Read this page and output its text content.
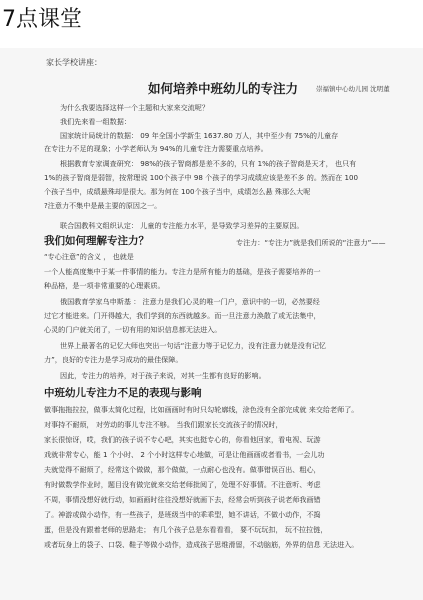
7点课堂
家长学校讲座：
如何培养中班幼儿的专注力	崇福镇中心幼儿园 沈明董
为什么我要选择这样一个主题和大家来交流呢？
我们先来看一组数据：
国家统计局统计的数据： 09 年全国小学新生 1637.80 万人，其中至少有 75%的儿童存
在专注力不足的现象；小学老师认为 94%的儿童专注力需要重点培养。
根据教育专家调查研究： 98%的孩子智商都是差不多的，只有 1%的孩子智商是天才， 也只有
1%的孩子智商是弱智，按常理说 100个孩子中 98 个孩子的学习成绩应该是差不多 的。然而在 100
个孩子当中，成绩悬殊却是很大。那为何在 100个孩子当中，成绩怎么悬 殊那么大呢
?注意力不集中是最主要的原因之一。
联合国教科文组织认定： 儿童的专注能力水平，是导致学习差异的主要原因。
我们如何理解专注力？	专注力：“专注力”就是我们所说的“注意力”——
“专心注意”的含义 ， 也就是
一个人能高度集中于某一件事情的能力。专注力是所有能力的基础，是孩子需要培养的一
种品格，是一项非常重要的心理素质。
俄国教育学家乌申斯基 ： 注意力是我们心灵的唯一门户，意识中的一切，必然要经
过它才能进来。门开得越大，我们学到的东西就越多。而一旦注意力涣散了或无法集中，
心灵的门户就关闭了，一切有用的知识信息都无法进入。
世界上最著名的记忆大师也突出一句话“注意力等于记忆力，没有注意力就是没有记忆
力”，良好的专注力是学习成功的最佳保障。
因此，专注力的培养，对于孩子来说，对其一生都有良好的影响。
中班幼儿专注力不足的表现与影响
做事拖拖拉拉，做事太简化过程，比如画画时有时只勾轮廓线，涂色没有全部完成就 来交给老师了。
对事持不耐烦， 对劳动的事儿专注不够。 当我们跟家长交流孩子的情况时，
家长很惊讶，哎，我们的孩子说不专心吧，其实也挺专心的，你看他回家，看电视、玩游
戏就非常专心，能 1 个小时、 2 个小时这样专心地做，可是让他画画或者看书，一会儿功
夫就觉得不耐烦了，经常这个做做，那个做做，一点耐心也没有。做事错误百出、粗心，
有时做数学作业时，题目没有做完就来交给老师批阅了，处理不好事情。不注意听、考虑
不周，事情没想好就行动，如画画时往往没想好就画下去，经常会听到孩子说老师我画错
了。神游或做小动作，有一些孩子，是班级当中的乖乖型，她不讲话，不做小动作，不捣
蛋，但是没有跟着老师的思路走； 有几个孩子总是东看看看， 要不玩玩扣， 玩不拉拉链，
或者玩身上的袋子、口袋、鞋子等做小动作，造成孩子思维滑留，不动脑筋，外界的信息 无法进入。
